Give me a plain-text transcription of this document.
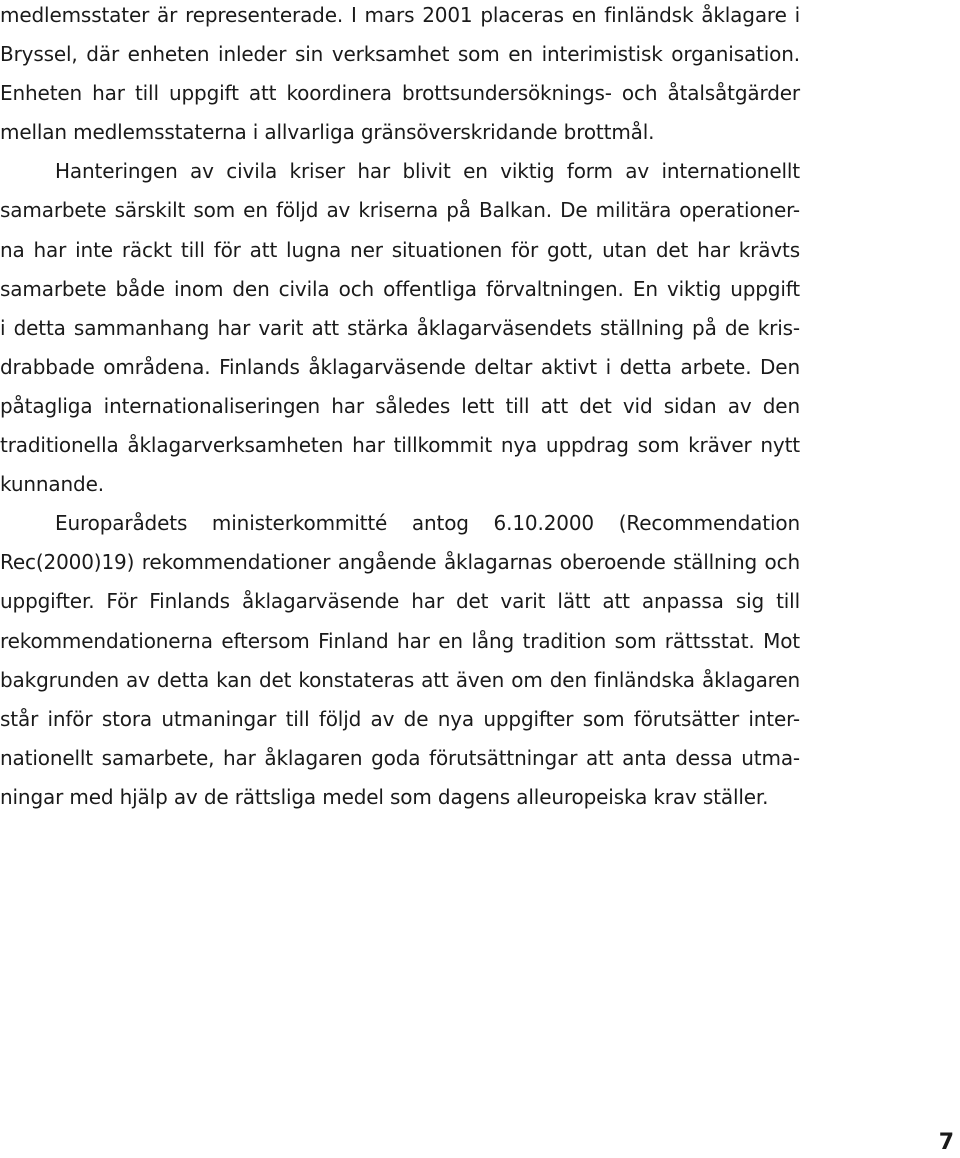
medlemsstater är representerade. I mars 2001 placeras en finländsk åklagare i
Bryssel, där enheten inleder sin verksamhet som en interimistisk organisation.
Enheten har till uppgift att koordinera brottsundersöknings- och åtalsåtgärder
mellan medlemsstaterna i allvarliga gränsöverskridande brottmål.
Hanteringen av civila kriser har blivit en viktig form av internationellt
samarbete särskilt som en följd av kriserna på Balkan. De militära operationer-
na har inte räckt till för att lugna ner situationen för gott, utan det har krävts
samarbete både inom den civila och offentliga förvaltningen. En viktig uppgift
i detta sammanhang har varit att stärka åklagarväsendets ställning på de kris-
drabbade områdena. Finlands åklagarväsende deltar aktivt i detta arbete. Den
påtagliga internationaliseringen har således lett till att det vid sidan av den
traditionella åklagarverksamheten har tillkommit nya uppdrag som kräver nytt
kunnande.
Europarådets ministerkommitté antog 6.10.2000 (Recommendation
Rec(2000)19) rekommendationer angående åklagarnas oberoende ställning och
uppgifter. För Finlands åklagarväsende har det varit lätt att anpassa sig till
rekommendationerna eftersom Finland har en lång tradition som rättsstat. Mot
bakgrunden av detta kan det konstateras att även om den finländska åklagaren
står inför stora utmaningar till följd av de nya uppgifter som förutsätter inter-
nationellt samarbete, har åklagaren goda förutsättningar att anta dessa utma-
ningar med hjälp av de rättsliga medel som dagens alleuropeiska krav ställer.
7
